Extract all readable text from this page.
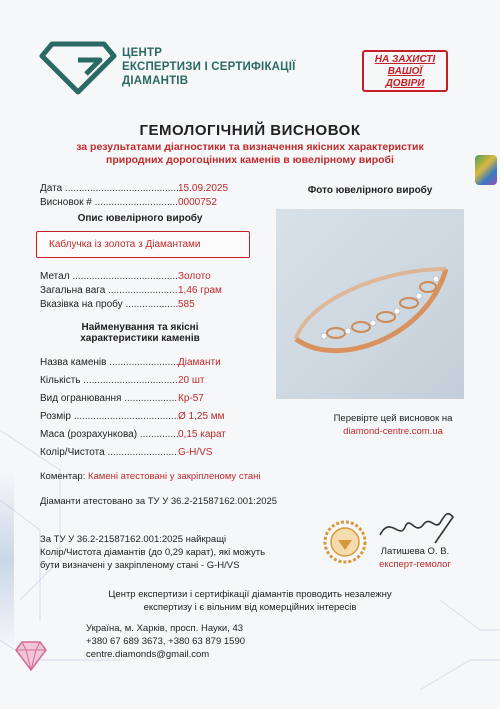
ЦЕНТР
ЕКСПЕРТИЗИ І СЕРТИФІКАЦІЇ
ДІАМАНТІВ
НА ЗАХИСТІ
ВАШОЇ
ДОВІРИ
ГЕМОЛОГІЧНИЙ ВИСНОВОК
за результатами діагностики та визначення якісних характеристик
природних дорогоцінних каменів в ювелірному виробі
Дата .....	15.09.2025
Висновок # .....	0000752
Опис ювелірного виробу
Каблучка із золота з Діамантами
Метал .....	Золото
Загальна вага .....	1,46 грам
Вказівка на пробу .....	585
Найменування та якісні
характеристики каменів
Назва каменів .....	Діаманти
Кількість .....	20 шт
Вид огранювання .....	Кр-57
Розмір .....	Ø 1,25 мм
Маса (розрахункова) .....	0,15 карат
Колір/Чистота .....	G-H/VS
Фото ювелірного виробу
Перевірте цей висновок на
diamond-centre.com.ua
Коментар: Камені атестовані у закріпленому стані
Діаманти атестовано за ТУ У 36.2-21587162.001:2025
За ТУ У 36.2-21587162.001:2025 найкращі
Колір/Чистота діамантів (до 0,29 карат), які можуть
бути визначені у закріпленому стані - G-H/VS
Латишева О. В.
експерт-гемолог
Центр експертизи і сертифікації діамантів проводить незалежну
експертизу і є вільним від комерційних інтересів
Україна, м. Харків, просп. Науки, 43
+380 67 689 3673, +380 63 879 1590
centre.diamonds@gmail.com
